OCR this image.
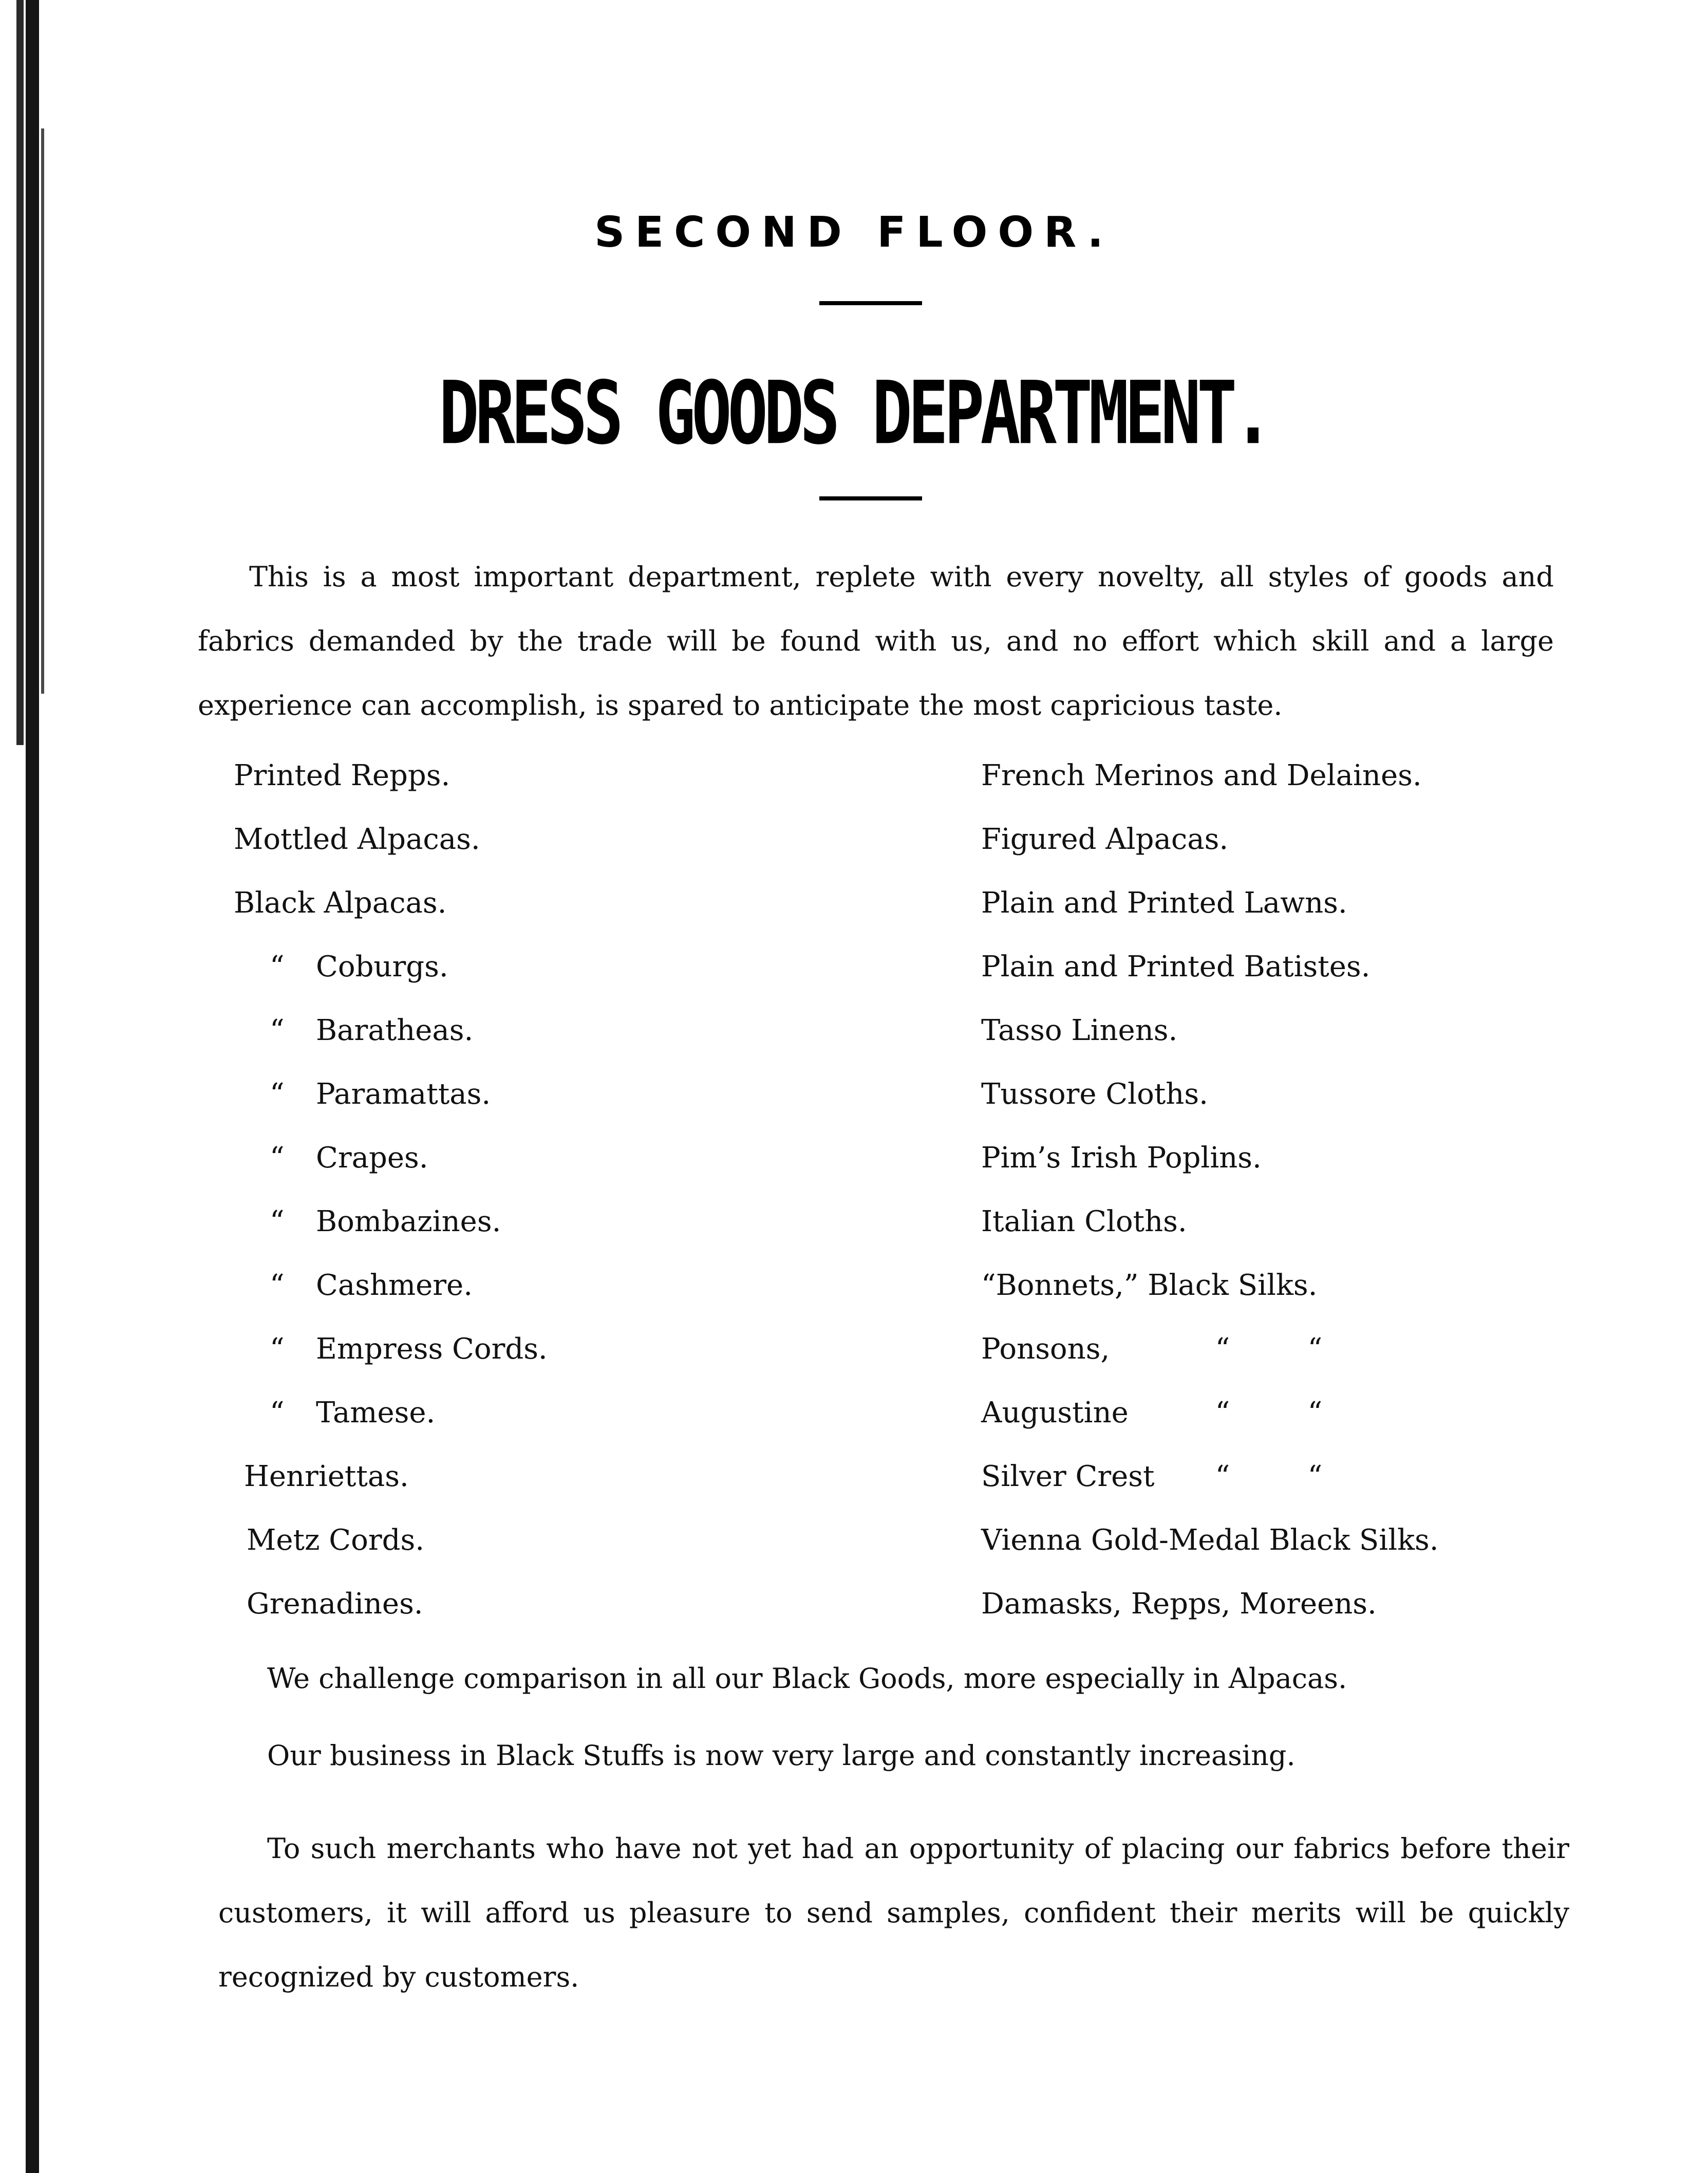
SECOND FLOOR.
DRESS GOODS DEPARTMENT.

This is a most important department, replete with every novelty, all styles of goods and fabrics demanded by the trade will be found with us, and no effort which skill and a large experience can accomplish, is spared to anticipate the most capricious taste.

Printed Repps.
Mottled Alpacas.
Black Alpacas.
“ Coburgs.
“ Baratheas.
“ Paramattas.
“ Crapes.
“ Bombazines.
“ Cashmere.
“ Empress Cords.
“ Tamese.
Henriettas.
Metz Cords.
Grenadines.
French Merinos and Delaines.
Figured Alpacas.
Plain and Printed Lawns.
Plain and Printed Batistes.
Tasso Linens.
Tussore Cloths.
Pim’s Irish Poplins.
Italian Cloths.
“Bonnets,” Black Silks.
Ponsons,	“	“
Augustine	“	“
Silver Crest “	“
Vienna Gold-Medal Black Silks.
Damasks, Repps, Moreens.

We challenge comparison in all our Black Goods, more especially in Alpacas.

Our business in Black Stuffs is now very large and constantly increasing.

To such merchants who have not yet had an opportunity of placing our fabrics before their customers, it will afford us pleasure to send samples, confident their merits will be quickly recognized by customers.
